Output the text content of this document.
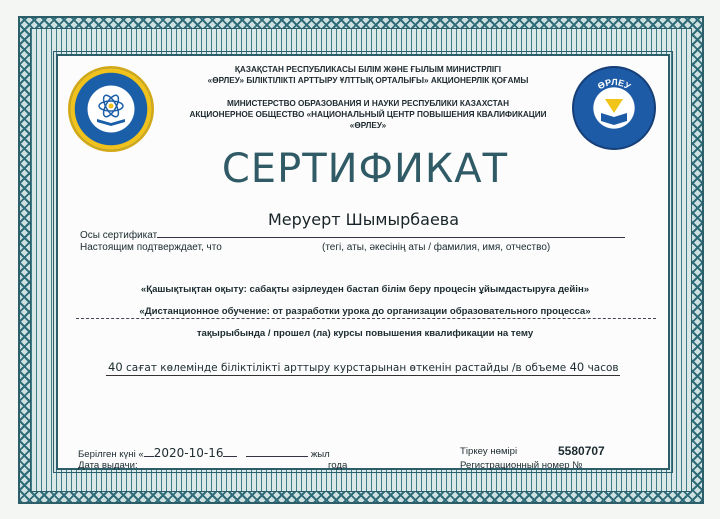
ҚАЗАҚСТАН РЕСПУБЛИКАСЫ БІЛІМ ЖӘНЕ ҒЫЛЫМ МИНИСТРЛІГІ
«ӨРЛЕУ» БІЛІКТІЛІКТІ АРТТЫРУ ҰЛТТЫҚ ОРТАЛЫҒЫ» АКЦИОНЕРЛІК ҚОҒАМЫ
МИНИСТЕРСТВО ОБРАЗОВАНИЯ И НАУКИ РЕСПУБЛИКИ КАЗАХСТАН
АКЦИОНЕРНОЕ ОБЩЕСТВО «НАЦИОНАЛЬНЫЙ ЦЕНТР ПОВЫШЕНИЯ КВАЛИФИКАЦИИ «ӨРЛЕУ»
ӨРЛЕУ
СЕРТИФИКАТ
Осы сертификат
Меруерт Шымырбаева
Настоящим подтверждает, что	(тегі, аты, әкесінің аты / фамилия, имя, отчество)
«Қашықтықтан оқыту: сабақты әзірлеуден бастап білім беру процесін ұйымдастыруға дейін»
«Дистанционное обучение: от разработки урока до организации образовательного процесса»
тақырыбында / прошел (ла) курсы повышения квалификации на тему
40 сағат көлемінде біліктілікті арттыру курстарынан өткенін растайды /в объеме 40 часов
Берілген күні « 2020-10-16	жыл
Дата выдачи:	года
Тіркеу нөмірі	5580707
Регистрационный номер №
